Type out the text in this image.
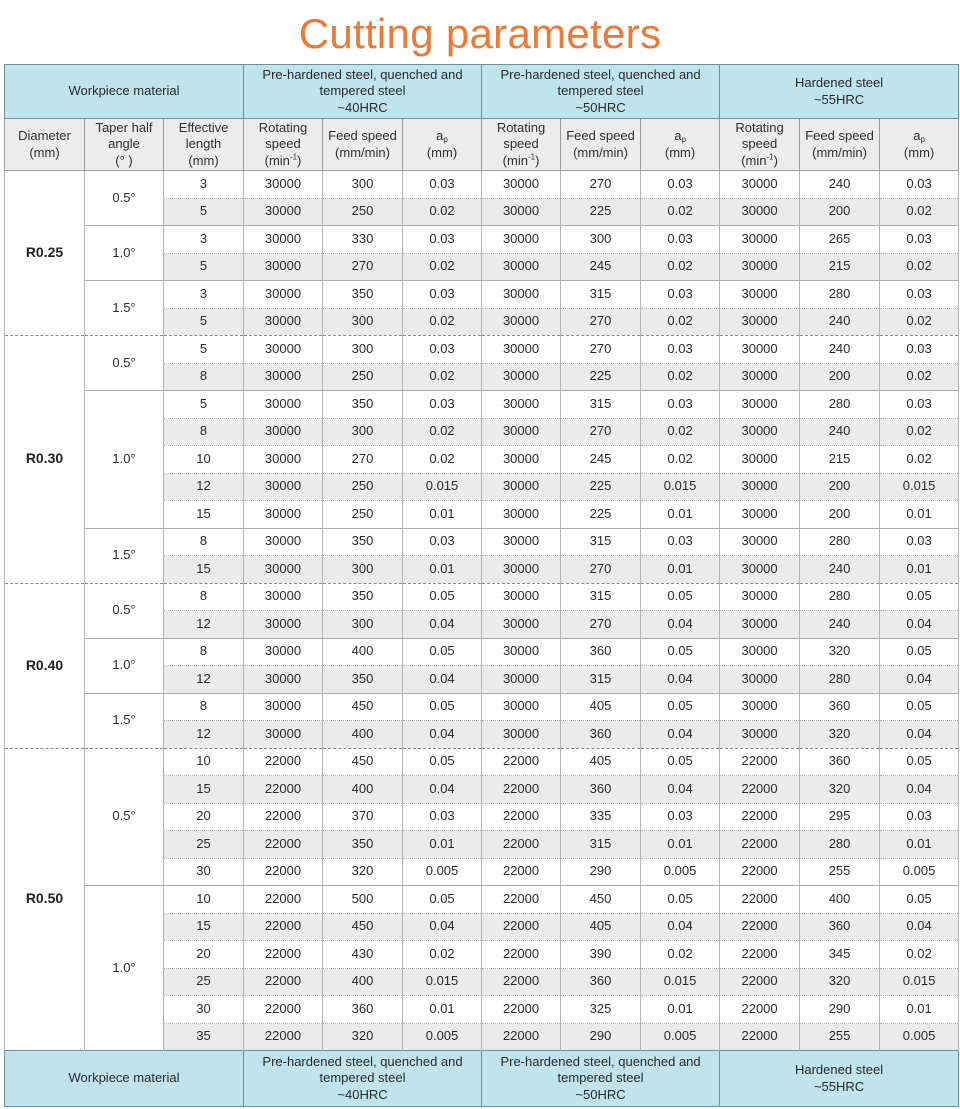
Cutting parameters
Workpiece material			Pre-hardened steel, quenched and
tempered steel
~40HRC			Pre-hardened steel, quenched and
tempered steel
~50HRC			Hardened steel
~55HRC		
Diameter
(mm)	Taper half
angle
(° )	Effective
length
(mm)	Rotating
speed
$(\min^{-1})$	Feed speed
(mm/min)	$a_p$
(mm)	Rotating
speed
$(\min^{-1})$	Feed speed
(mm/min)	$a_p$
(mm)	Rotating
speed
$(\min^{-1})$	Feed speed
(mm/min)	$a_p$
(mm)
R0.25	0.5°	3	30000	300	0.03	30000	270	0.03	30000	240	0.03
		5	30000	250	0.02	30000	225	0.02	30000	200	0.02
	1.0°	3	30000	330	0.03	30000	300	0.03	30000	265	0.03
		5	30000	270	0.02	30000	245	0.02	30000	215	0.02
	1.5°	3	30000	350	0.03	30000	315	0.03	30000	280	0.03
		5	30000	300	0.02	30000	270	0.02	30000	240	0.02
R0.30	0.5°	5	30000	300	0.03	30000	270	0.03	30000	240	0.03
		8	30000	250	0.02	30000	225	0.02	30000	200	0.02
	1.0°	5	30000	350	0.03	30000	315	0.03	30000	280	0.03
		8	30000	300	0.02	30000	270	0.02	30000	240	0.02
		10	30000	270	0.02	30000	245	0.02	30000	215	0.02
		12	30000	250	0.015	30000	225	0.015	30000	200	0.015
		15	30000	250	0.01	30000	225	0.01	30000	200	0.01
	1.5°	8	30000	350	0.03	30000	315	0.03	30000	280	0.03
		15	30000	300	0.01	30000	270	0.01	30000	240	0.01
R0.40	0.5°	8	30000	350	0.05	30000	315	0.05	30000	280	0.05
		12	30000	300	0.04	30000	270	0.04	30000	240	0.04
	1.0°	8	30000	400	0.05	30000	360	0.05	30000	320	0.05
		12	30000	350	0.04	30000	315	0.04	30000	280	0.04
	1.5°	8	30000	450	0.05	30000	405	0.05	30000	360	0.05
		12	30000	400	0.04	30000	360	0.04	30000	320	0.04
R0.50	0.5°	10	22000	450	0.05	22000	405	0.05	22000	360	0.05
		15	22000	400	0.04	22000	360	0.04	22000	320	0.04
		20	22000	370	0.03	22000	335	0.03	22000	295	0.03
		25	22000	350	0.01	22000	315	0.01	22000	280	0.01
		30	22000	320	0.005	22000	290	0.005	22000	255	0.005
	1.0°	10	22000	500	0.05	22000	450	0.05	22000	400	0.05
		15	22000	450	0.04	22000	405	0.04	22000	360	0.04
		20	22000	430	0.02	22000	390	0.02	22000	345	0.02
		25	22000	400	0.015	22000	360	0.015	22000	320	0.015
		30	22000	360	0.01	22000	325	0.01	22000	290	0.01
		35	22000	320	0.005	22000	290	0.005	22000	255	0.005
Workpiece material			Pre-hardened steel, quenched and
tempered steel
~40HRC			Pre-hardened steel, quenched and
tempered steel
~50HRC			Hardened steel
~55HRC		
